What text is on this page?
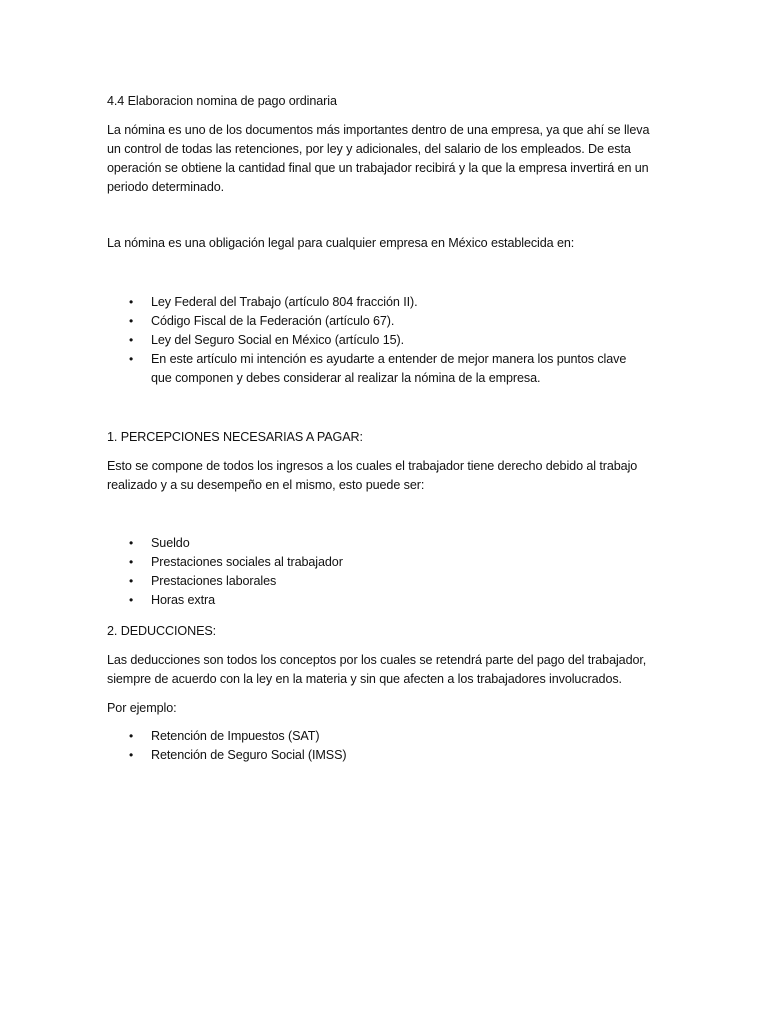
4.4 Elaboracion nomina de pago ordinaria
La nómina es uno de los documentos más importantes dentro de una empresa, ya que ahí se lleva un control de todas las retenciones, por ley y adicionales, del salario de los empleados. De esta operación se obtiene la cantidad final que un trabajador recibirá y la que la empresa invertirá en un periodo determinado.
La nómina es una obligación legal para cualquier empresa en México establecida en:
• Ley Federal del Trabajo (artículo 804 fracción II).
• Código Fiscal de la Federación (artículo 67).
• Ley del Seguro Social en México (artículo 15).
• En este artículo mi intención es ayudarte a entender de mejor manera los puntos clave que componen y debes considerar al realizar la nómina de la empresa.
1. PERCEPCIONES NECESARIAS A PAGAR:
Esto se compone de todos los ingresos a los cuales el trabajador tiene derecho debido al trabajo realizado y a su desempeño en el mismo, esto puede ser:
• Sueldo
• Prestaciones sociales al trabajador
• Prestaciones laborales
• Horas extra
2. DEDUCCIONES:
Las deducciones son todos los conceptos por los cuales se retendrá parte del pago del trabajador, siempre de acuerdo con la ley en la materia y sin que afecten a los trabajadores involucrados.
Por ejemplo:
• Retención de Impuestos (SAT)
• Retención de Seguro Social (IMSS)
